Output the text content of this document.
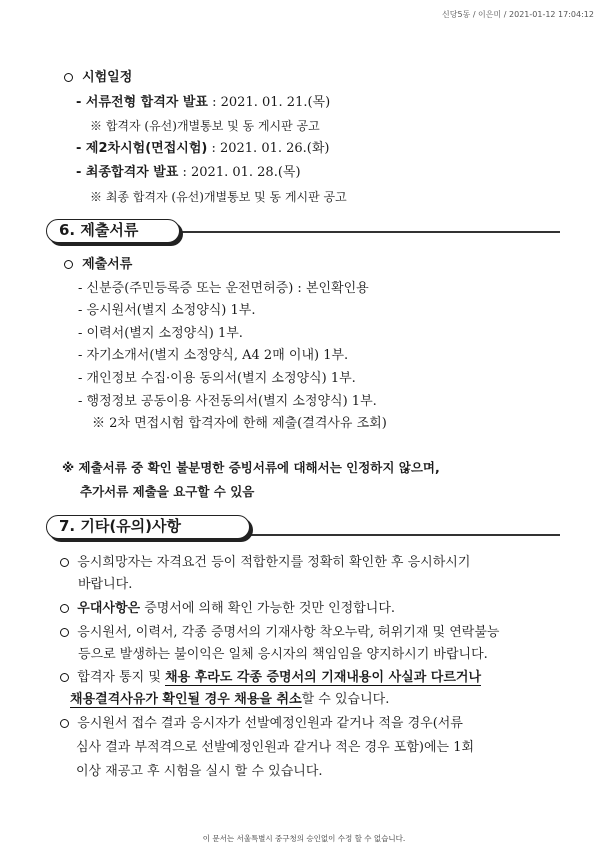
신당5동 / 이은미 / 2021-01-12 17:04:12
시험일정
- 서류전형 합격자 발표 : 2021. 01. 21.(목)
※ 합격자 (유선)개별통보 및 동 게시판 공고
- 제2차시험(면접시험) : 2021. 01. 26.(화)
- 최종합격자 발표 : 2021. 01. 28.(목)
※ 최종 합격자 (유선)개별통보 및 동 게시판 공고
6. 제출서류
제출서류
- 신분증(주민등록증 또는 운전면허증) : 본인확인용
- 응시원서(별지 소정양식) 1부.
- 이력서(별지 소정양식) 1부.
- 자기소개서(별지 소정양식, A4 2매 이내) 1부.
- 개인정보 수집·이용 동의서(별지 소정양식) 1부.
- 행정정보 공동이용 사전동의서(별지 소정양식) 1부.
※ 2차 면접시험 합격자에 한해 제출(결격사유 조회)
※ 제출서류 중 확인 불분명한 증빙서류에 대해서는 인정하지 않으며,
추가서류 제출을 요구할 수 있음
7. 기타(유의)사항
응시희망자는 자격요건 등이 적합한지를 정확히 확인한 후 응시하시기
바랍니다.
우대사항은 증명서에 의해 확인 가능한 것만 인정합니다.
응시원서, 이력서, 각종 증명서의 기재사항 착오누락, 허위기재 및 연락불능
등으로 발생하는 불이익은 일체 응시자의 책임임을 양지하시기 바랍니다.
합격자 통지 및 채용 후라도 각종 증명서의 기재내용이 사실과 다르거나
채용결격사유가 확인될 경우 채용을 취소할 수 있습니다.
응시원서 접수 결과 응시자가 선발예정인원과 같거나 적을 경우(서류
심사 결과 부적격으로 선발예정인원과 같거나 적은 경우 포함)에는 1회
이상 재공고 후 시험을 실시 할 수 있습니다.
이 문서는 서울특별시 중구청의 승인없이 수정 할 수 없습니다.
